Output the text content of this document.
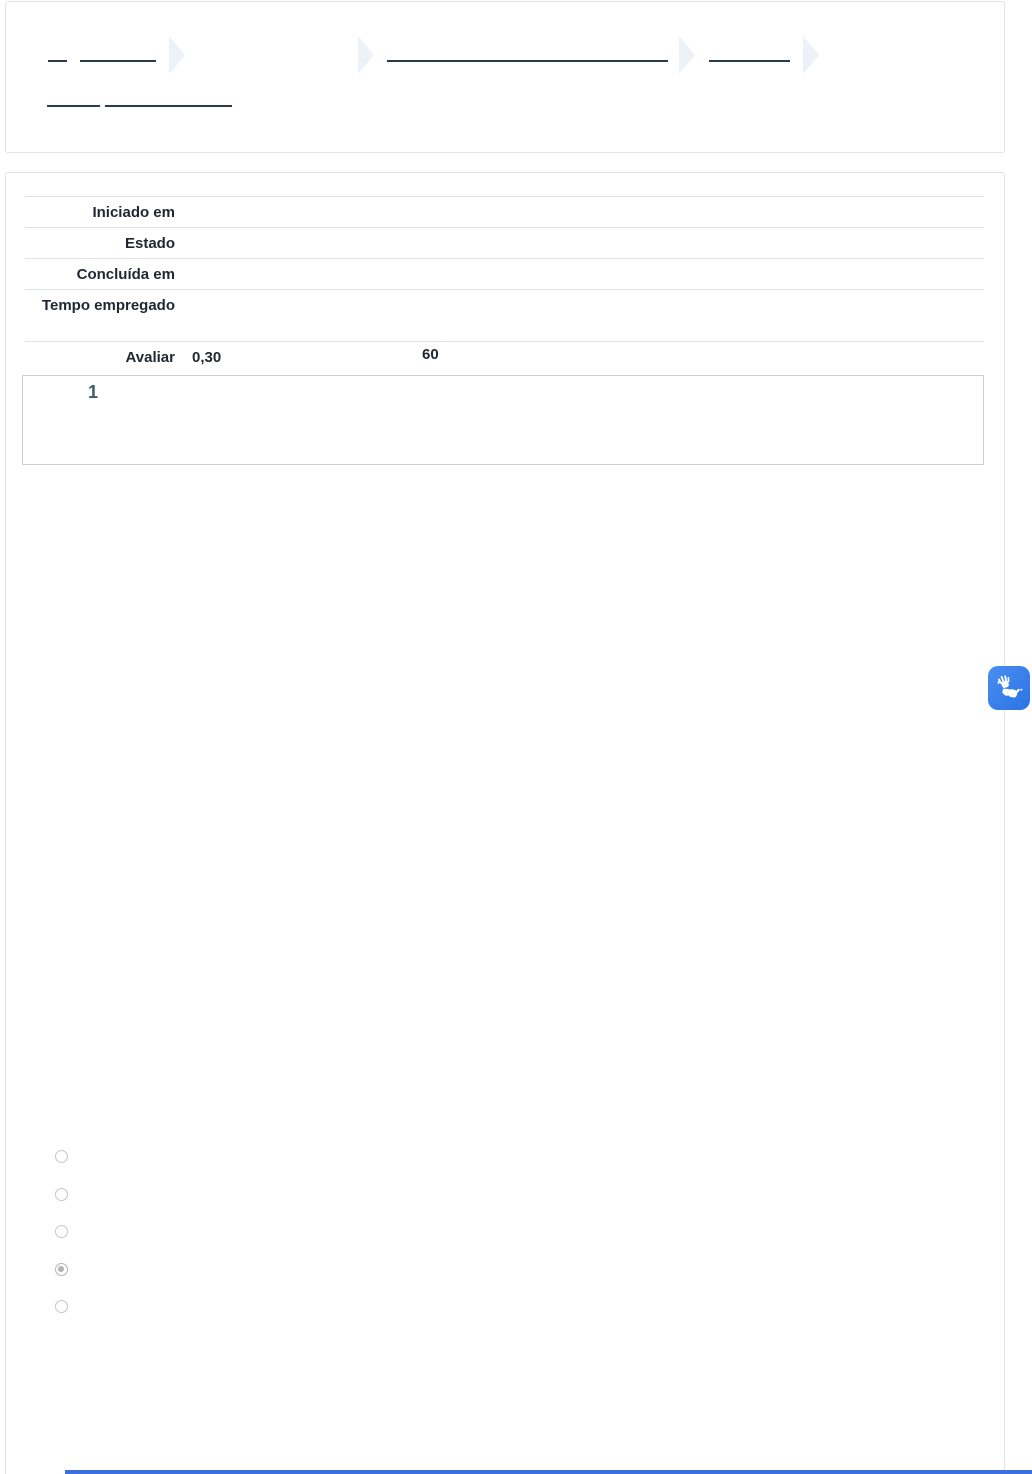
Iniciado em	
Estado	
Concluída em	
Tempo empregado	
Avaliar	0,30 60
1
